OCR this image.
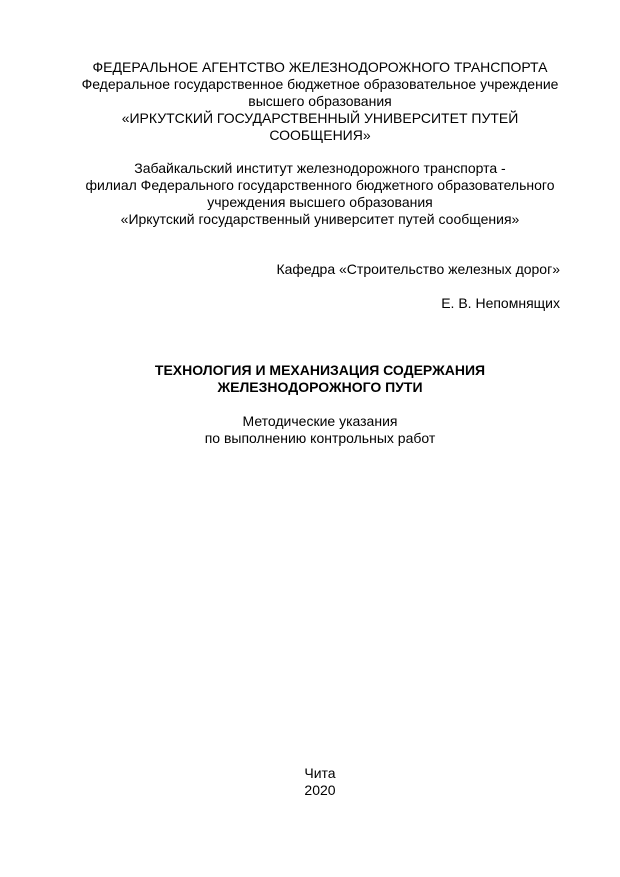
ФЕДЕРАЛЬНОЕ АГЕНТСТВО ЖЕЛЕЗНОДОРОЖНОГО ТРАНСПОРТА
Федеральное государственное бюджетное образовательное учреждение
высшего образования
«ИРКУТСКИЙ ГОСУДАРСТВЕННЫЙ УНИВЕРСИТЕТ ПУТЕЙ
СООБЩЕНИЯ»
Забайкальский институт железнодорожного транспорта -
филиал Федерального государственного бюджетного образовательного
учреждения высшего образования
«Иркутский государственный университет путей сообщения»
Кафедра «Строительство железных дорог»
Е. В. Непомнящих
ТЕХНОЛОГИЯ И МЕХАНИЗАЦИЯ СОДЕРЖАНИЯ
ЖЕЛЕЗНОДОРОЖНОГО ПУТИ
Методические указания
по выполнению контрольных работ
Чита
2020
